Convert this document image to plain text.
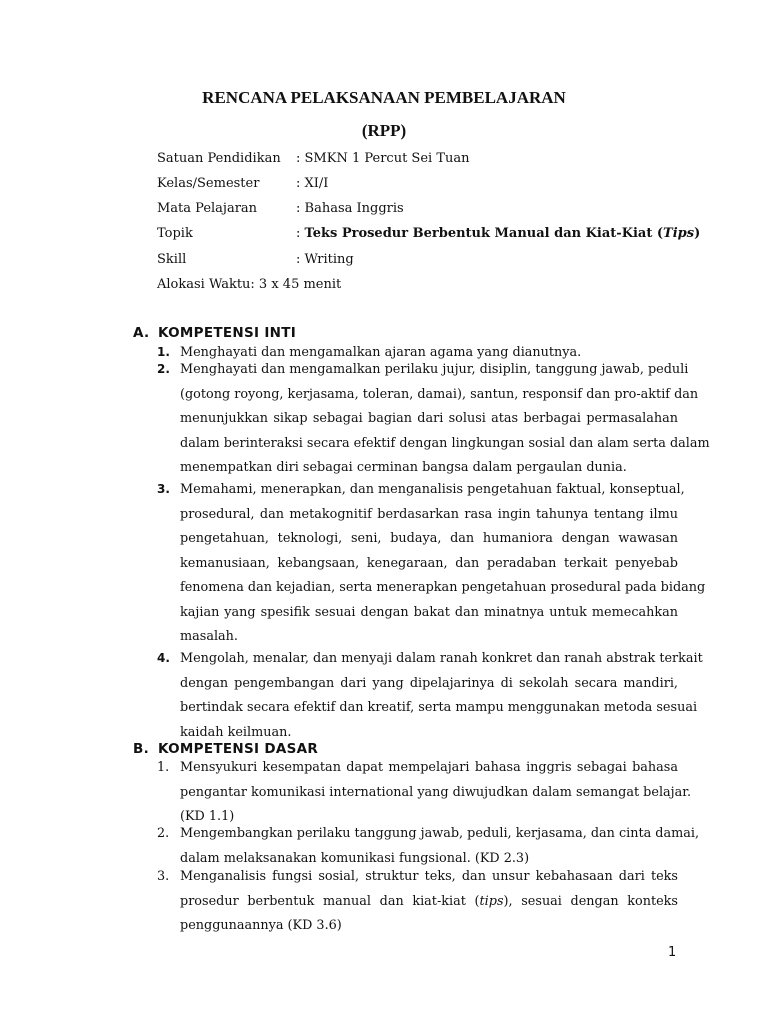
RENCANA PELAKSANAAN PEMBELAJARAN
(RPP)
Satuan Pendidikan : SMKN 1 Percut Sei Tuan
Kelas/Semester	: XI/I
Mata Pelajaran	: Bahasa Inggris
Topik	: Teks Prosedur Berbentuk Manual dan Kiat-Kiat (Tips)
Skill	: Writing
Alokasi Waktu: 3 x 45 menit
A. KOMPETENSI INTI
1. Menghayati dan mengamalkan ajaran agama yang dianutnya.
2. Menghayati dan mengamalkan perilaku jujur, disiplin, tanggung jawab, peduli
(gotong royong, kerjasama, toleran, damai), santun, responsif dan pro-aktif dan
menunjukkan sikap sebagai bagian dari solusi atas berbagai permasalahan
dalam berinteraksi secara efektif dengan lingkungan sosial dan alam serta dalam
menempatkan diri sebagai cerminan bangsa dalam pergaulan dunia.
3. Memahami, menerapkan, dan menganalisis pengetahuan faktual, konseptual,
prosedural, dan metakognitif berdasarkan rasa ingin tahunya tentang ilmu
pengetahuan, teknologi, seni, budaya, dan humaniora dengan wawasan
kemanusiaan, kebangsaan, kenegaraan, dan peradaban terkait penyebab
fenomena dan kejadian, serta menerapkan pengetahuan prosedural pada bidang
kajian yang spesifik sesuai dengan bakat dan minatnya untuk memecahkan
masalah.
4. Mengolah, menalar, dan menyaji dalam ranah konkret dan ranah abstrak terkait
dengan pengembangan dari yang dipelajarinya di sekolah secara mandiri,
bertindak secara efektif dan kreatif, serta mampu menggunakan metoda sesuai
kaidah keilmuan.
B. KOMPETENSI DASAR
1. Mensyukuri kesempatan dapat mempelajari bahasa inggris sebagai bahasa
pengantar komunikasi international yang diwujudkan dalam semangat belajar.
(KD 1.1)
2. Mengembangkan perilaku tanggung jawab, peduli, kerjasama, dan cinta damai,
dalam melaksanakan komunikasi fungsional. (KD 2.3)
3. Menganalisis fungsi sosial, struktur teks, dan unsur kebahasaan dari teks
prosedur berbentuk manual dan kiat-kiat (tips), sesuai dengan konteks
penggunaannya (KD 3.6)
1
